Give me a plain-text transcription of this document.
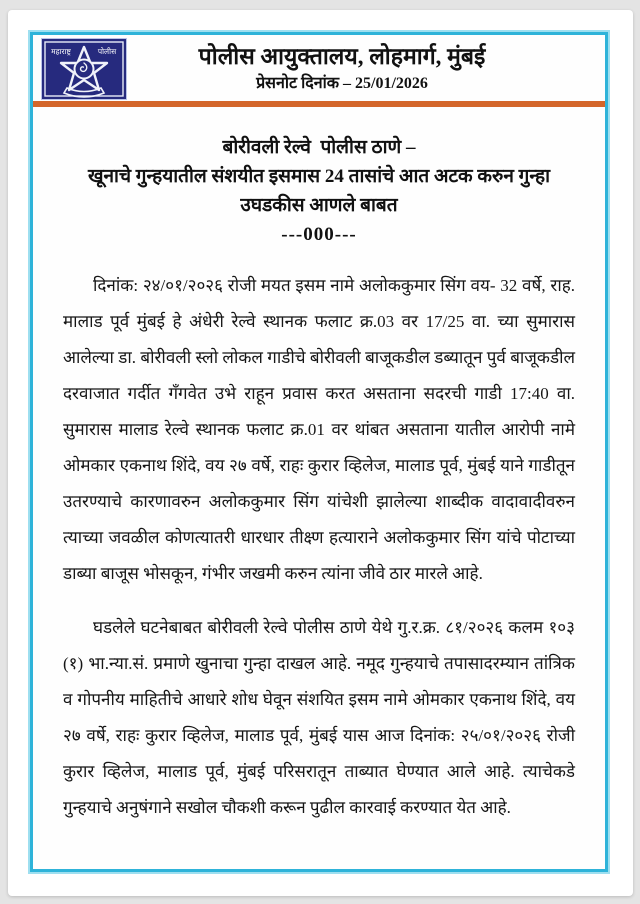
महाराष्ट्र	पोलीस	पोलीस आयुक्तालय, लोहमार्ग, मुंबई
प्रेसनोट दिनांक – 25/01/2026
बोरीवली रेल्वे  पोलीस ठाणे –
खूनाचे गुन्हयातील संशयीत इसमास 24 तासांचे आत अटक करुन गुन्हा
उघडकीस आणले बाबत
---000---

दिनांक: २४/०१/२०२६ रोजी मयत इसम नामे अलोककुमार सिंग वय- 32 वर्षे, राह. मालाड पूर्व मुंबई हे अंधेरी रेल्वे स्थानक फलाट क्र.03 वर 17/25 वा. च्या सुमारास आलेल्या डा. बोरीवली स्लो लोकल गाडीचे बोरीवली बाजूकडील डब्यातून पुर्व बाजूकडील दरवाजात गर्दीत गँगवेत उभे राहून प्रवास करत असताना सदरची गाडी 17:40 वा. सुमारास मालाड रेल्वे स्थानक फलाट क्र.01 वर थांबत असताना यातील आरोपी नामे ओमकार एकनाथ शिंदे, वय २७ वर्षे, राहः कुरार व्हिलेज, मालाड पूर्व, मुंबई याने गाडीतून उतरण्याचे कारणावरुन अलोककुमार सिंग यांचेशी झालेल्या शाब्दीक वादावादीवरुन त्याच्या जवळील कोणत्यातरी धारधार तीक्ष्ण हत्याराने अलोककुमार सिंग यांचे पोटाच्या डाब्या बाजूस भोसकून, गंभीर जखमी करुन त्यांना जीवे ठार मारले आहे.

घडलेले घटनेबाबत बोरीवली रेल्वे पोलीस ठाणे येथे गु.र.क्र. ८१/२०२६ कलम १०३ (१) भा.न्या.सं. प्रमाणे खुनाचा गुन्हा दाखल आहे. नमूद गुन्हयाचे तपासादरम्यान तांत्रिक व गोपनीय माहितीचे आधारे शोध घेवून संशयित इसम नामे ओमकार एकनाथ शिंदे, वय २७ वर्षे, राहः कुरार व्हिलेज, मालाड पूर्व, मुंबई यास आज दिनांक: २५/०१/२०२६ रोजी कुरार व्हिलेज, मालाड पूर्व, मुंबई परिसरातून ताब्यात घेण्यात आले आहे. त्याचेकडे गुन्हयाचे अनुषंगाने सखोल चौकशी करून पुढील कारवाई करण्यात येत आहे.
